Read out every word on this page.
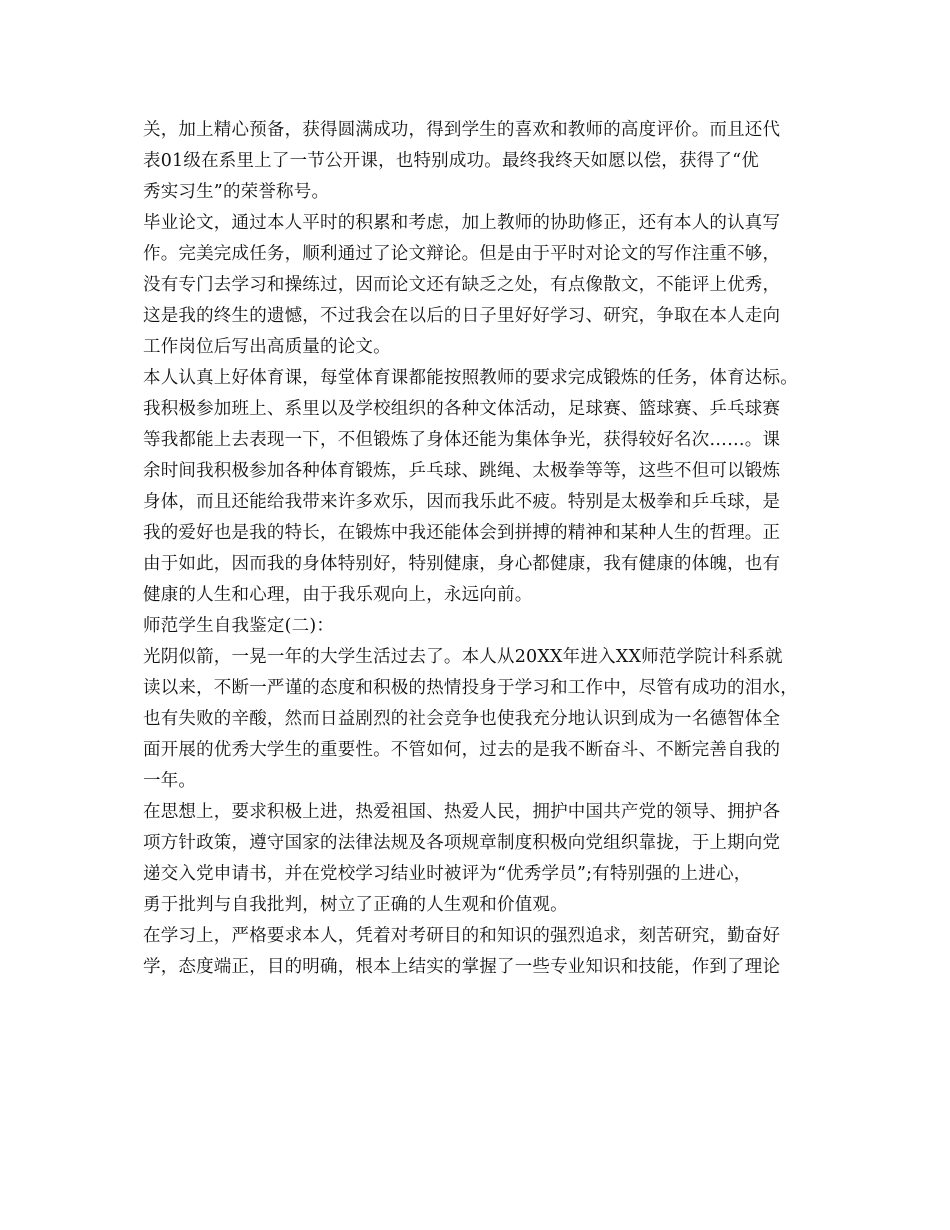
关，加上精心预备，获得圆满成功，得到学生的喜欢和教师的高度评价。而且还代
表01级在系里上了一节公开课，也特别成功。最终我终天如愿以偿，获得了“优
秀实习生”的荣誉称号。
毕业论文，通过本人平时的积累和考虑，加上教师的协助修正，还有本人的认真写
作。完美完成任务，顺利通过了论文辩论。但是由于平时对论文的写作注重不够，
没有专门去学习和操练过，因而论文还有缺乏之处，有点像散文，不能评上优秀，
这是我的终生的遗憾，不过我会在以后的日子里好好学习、研究，争取在本人走向
工作岗位后写出高质量的论文。
本人认真上好体育课，每堂体育课都能按照教师的要求完成锻炼的任务，体育达标。
我积极参加班上、系里以及学校组织的各种文体活动，足球赛、篮球赛、乒乓球赛
等我都能上去表现一下，不但锻炼了身体还能为集体争光，获得较好名次……。课
余时间我积极参加各种体育锻炼，乒乓球、跳绳、太极拳等等，这些不但可以锻炼
身体，而且还能给我带来许多欢乐，因而我乐此不疲。特别是太极拳和乒乓球，是
我的爱好也是我的特长，在锻炼中我还能体会到拼搏的精神和某种人生的哲理。正
由于如此，因而我的身体特别好，特别健康，身心都健康，我有健康的体魄，也有
健康的人生和心理，由于我乐观向上，永远向前。
师范学生自我鉴定(二)：
光阴似箭，一晃一年的大学生活过去了。本人从20XX年进入XX师范学院计科系就
读以来，不断一严谨的态度和积极的热情投身于学习和工作中，尽管有成功的泪水，
也有失败的辛酸，然而日益剧烈的社会竞争也使我充分地认识到成为一名德智体全
面开展的优秀大学生的重要性。不管如何，过去的是我不断奋斗、不断完善自我的
一年。
在思想上，要求积极上进，热爱祖国、热爱人民，拥护中国共产党的领导、拥护各
项方针政策，遵守国家的法律法规及各项规章制度积极向党组织靠拢，于上期向党
递交入党申请书，并在党校学习结业时被评为“优秀学员”;有特别强的上进心，
勇于批判与自我批判，树立了正确的人生观和价值观。
在学习上，严格要求本人，凭着对考研目的和知识的强烈追求，刻苦研究，勤奋好
学，态度端正，目的明确，根本上结实的掌握了一些专业知识和技能，作到了理论
